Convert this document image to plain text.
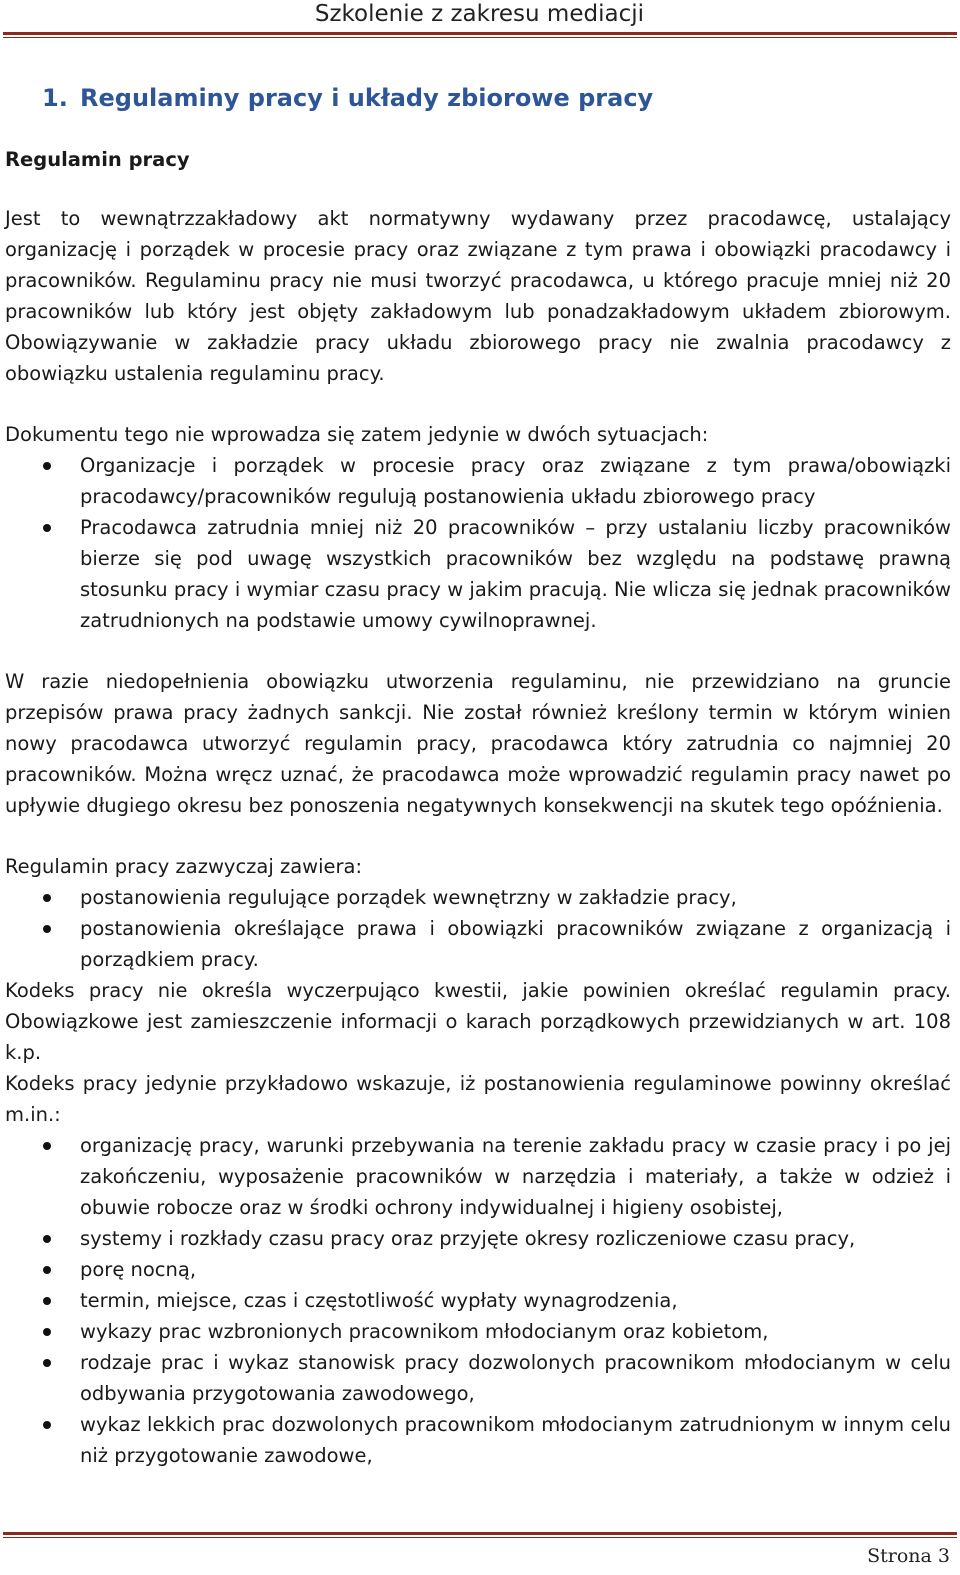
Szkolenie z zakresu mediacji
1. Regulaminy pracy i układy zbiorowe pracy
Regulamin pracy

Jest to wewnątrzzakładowy akt normatywny wydawany przez pracodawcę, ustalający organizację i porządek w procesie pracy oraz związane z tym prawa i obowiązki pracodawcy i pracowników. Regulaminu pracy nie musi tworzyć pracodawca, u którego pracuje mniej niż 20 pracowników lub który jest objęty zakładowym lub ponadzakładowym układem zbiorowym. Obowiązywanie w zakładzie pracy układu zbiorowego pracy nie zwalnia pracodawcy z obowiązku ustalenia regulaminu pracy.

Dokumentu tego nie wprowadza się zatem jedynie w dwóch sytuacjach:

Organizacje i porządek w procesie pracy oraz związane z tym prawa/obowiązki pracodawcy/pracowników regulują postanowienia układu zbiorowego pracy
Pracodawca zatrudnia mniej niż 20 pracowników – przy ustalaniu liczby pracowników bierze się pod uwagę wszystkich pracowników bez względu na podstawę prawną stosunku pracy i wymiar czasu pracy w jakim pracują. Nie wlicza się jednak pracowników zatrudnionych na podstawie umowy cywilnoprawnej.

W razie niedopełnienia obowiązku utworzenia regulaminu, nie przewidziano na gruncie przepisów prawa pracy żadnych sankcji. Nie został również kreślony termin w którym winien nowy pracodawca utworzyć regulamin pracy, pracodawca który zatrudnia co najmniej 20 pracowników. Można wręcz uznać, że pracodawca może wprowadzić regulamin pracy nawet po upływie długiego okresu bez ponoszenia negatywnych konsekwencji na skutek tego opóźnienia.

Regulamin pracy zazwyczaj zawiera:

postanowienia regulujące porządek wewnętrzny w zakładzie pracy,
postanowienia określające prawa i obowiązki pracowników związane z organizacją i porządkiem pracy.

Kodeks pracy nie określa wyczerpująco kwestii, jakie powinien określać regulamin pracy. Obowiązkowe jest zamieszczenie informacji o karach porządkowych przewidzianych w art. 108 k.p.

Kodeks pracy jedynie przykładowo wskazuje, iż postanowienia regulaminowe powinny określać m.in.:

organizację pracy, warunki przebywania na terenie zakładu pracy w czasie pracy i po jej zakończeniu, wyposażenie pracowników w narzędzia i materiały, a także w odzież i obuwie robocze oraz w środki ochrony indywidualnej i higieny osobistej,
systemy i rozkłady czasu pracy oraz przyjęte okresy rozliczeniowe czasu pracy,
porę nocną,
termin, miejsce, czas i częstotliwość wypłaty wynagrodzenia,
wykazy prac wzbronionych pracownikom młodocianym oraz kobietom,
rodzaje prac i wykaz stanowisk pracy dozwolonych pracownikom młodocianym w celu odbywania przygotowania zawodowego,
wykaz lekkich prac dozwolonych pracownikom młodocianym zatrudnionym w innym celu niż przygotowanie zawodowe,
Strona 3
